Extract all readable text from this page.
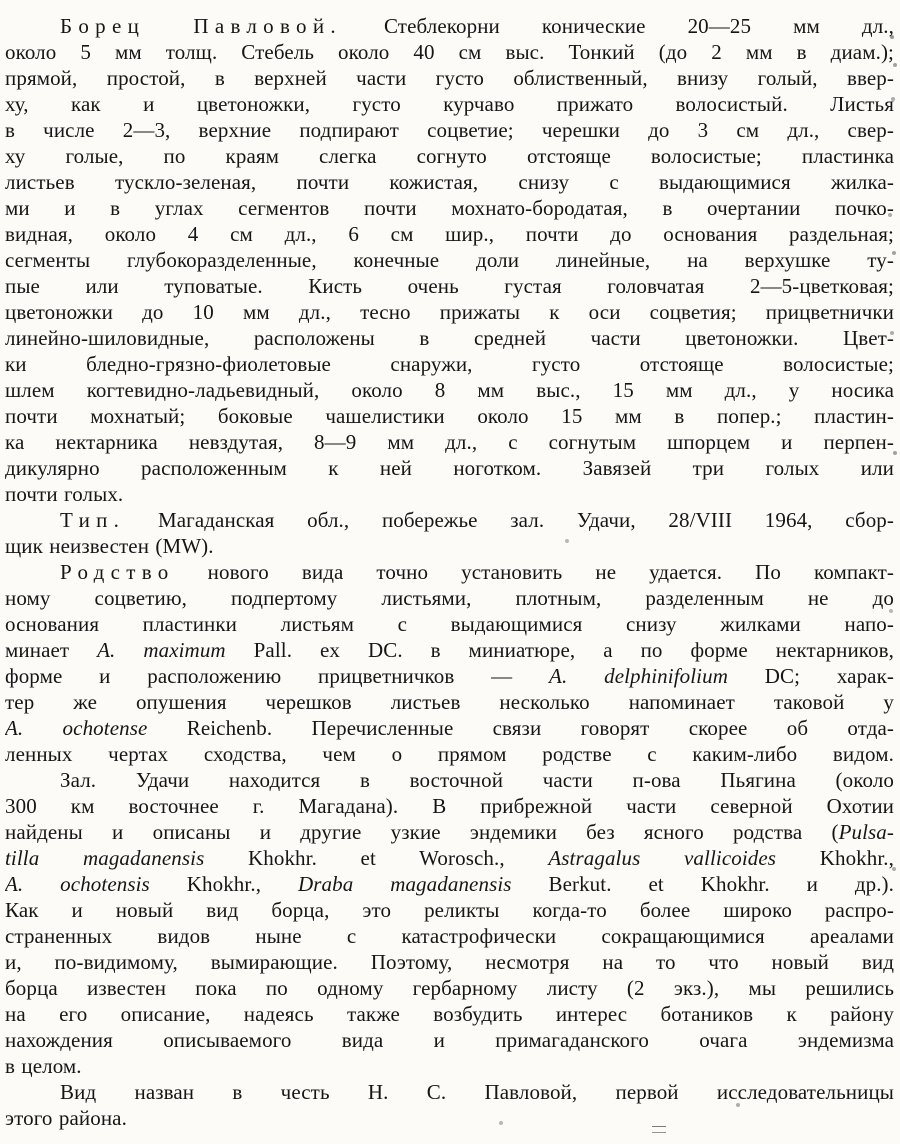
Борец Павловой. Стеблекорни конические 20—25 мм дл.,
около 5 мм толщ. Стебель около 40 см выс. Тонкий (до 2 мм в диам.);
прямой, простой, в верхней части густо облиственный, внизу голый, ввер-
ху, как и цветоножки, густо курчаво прижато волосистый. Листья
в числе 2—3, верхние подпирают соцветие; черешки до 3 см дл., свер-
ху голые, по краям слегка согнуто отстояще волосистые; пластинка
листьев тускло-зеленая, почти кожистая, снизу с выдающимися жилка-
ми и в углах сегментов почти мохнато-бородатая, в очертании почко-
видная, около 4 см дл., 6 см шир., почти до основания раздельная;
сегменты глубокоразделенные, конечные доли линейные, на верхушке ту-
пые или туповатые. Кисть очень густая головчатая 2—5-цветковая;
цветоножки до 10 мм дл., тесно прижаты к оси соцветия; прицветнички
линейно-шиловидные, расположены в средней части цветоножки. Цвет-
ки бледно-грязно-фиолетовые снаружи, густо отстояще волосистые;
шлем когтевидно-ладьевидный, около 8 мм выс., 15 мм дл., у носика
почти мохнатый; боковые чашелистики около 15 мм в попер.; пластин-
ка нектарника невздутая, 8—9 мм дл., с согнутым шпорцем и перпен-
дикулярно расположенным к ней ноготком. Завязей три голых или
почти голых.
Тип. Магаданская обл., побережье зал. Удачи, 28/VIII 1964, сбор-
щик неизвестен (MW).
Родство нового вида точно установить не удается. По компакт-
ному соцветию, подпертому листьями, плотным, разделенным не до
основания пластинки листьям с выдающимися снизу жилками напо-
минает A. maximum Pall. ex DC. в миниатюре, а по форме нектарников,
форме и расположению прицветничков — A. delphinifolium DC; харак-
тер же опушения черешков листьев несколько напоминает таковой у
A. ochotense Reichenb. Перечисленные связи говорят скорее об отда-
ленных чертах сходства, чем о прямом родстве с каким-либо видом.
Зал. Удачи находится в восточной части п-ова Пьягина (около
300 км восточнее г. Магадана). В прибрежной части северной Охотии
найдены и описаны и другие узкие эндемики без ясного родства (Pulsa-
tilla magadanensis Khokhr. et Worosch., Astragalus vallicoides Khokhr.,
A. ochotensis Khokhr., Draba magadanensis Berkut. et Khokhr. и др.).
Как и новый вид борца, это реликты когда-то более широко распро-
страненных видов ныне с катастрофически сокращающимися ареалами
и, по-видимому, вымирающие. Поэтому, несмотря на то что новый вид
борца известен пока по одному гербарному листу (2 экз.), мы решились
на его описание, надеясь также возбудить интерес ботаников к району
нахождения описываемого вида и примагаданского очага эндемизма
в целом.
Вид назван в честь Н. С. Павловой, первой исследовательницы
этого района.
